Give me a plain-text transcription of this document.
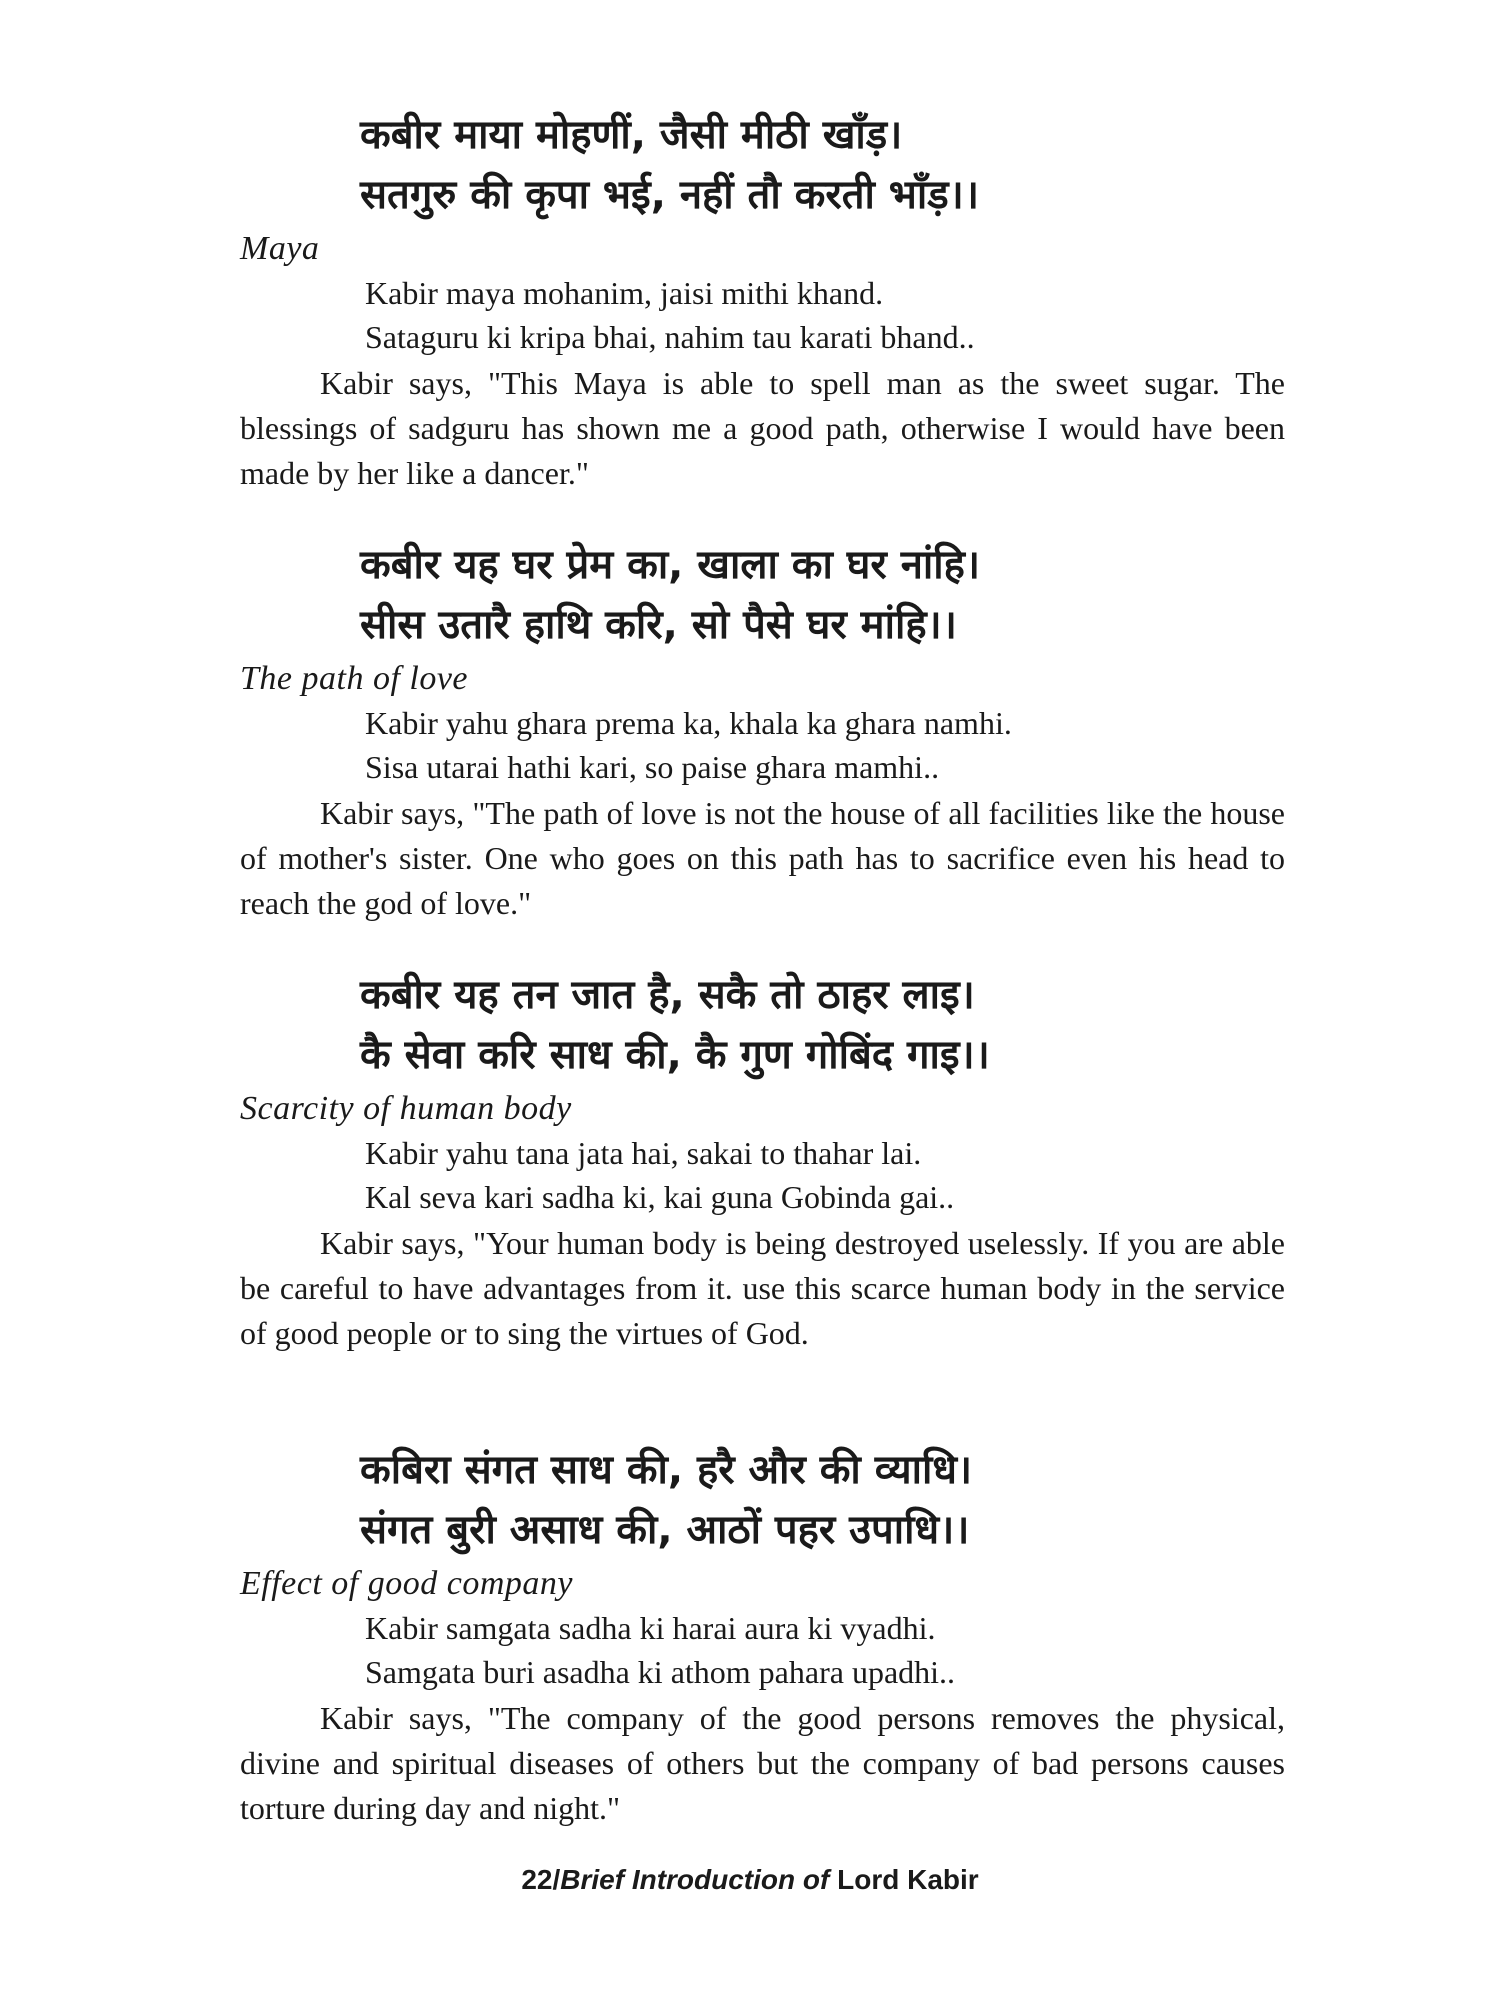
कबीर माया मोहणीं, जैसी मीठी खाँड़।
सतगुरु की कृपा भई, नहीं तौ करती भाँड़।।
Maya
Kabir maya mohanim, jaisi mithi khand.
Sataguru ki kripa bhai, nahim tau karati bhand..

Kabir says, "This Maya is able to spell man as the sweet sugar. The blessings of sadguru has shown me a good path, otherwise I would have been made by her like a dancer."

कबीर यह घर प्रेम का, खाला का घर नांहि।
सीस उतारै हाथि करि, सो पैसे घर मांहि।।
The path of love
Kabir yahu ghara prema ka, khala ka ghara namhi.
Sisa utarai hathi kari, so paise ghara mamhi..

Kabir says, "The path of love is not the house of all facilities like the house of mother's sister. One who goes on this path has to sacrifice even his head to reach the god of love."

कबीर यह तन जात है, सकै तो ठाहर लाइ।
कै सेवा करि साध की, कै गुण गोबिंद गाइ।।
Scarcity of human body
Kabir yahu tana jata hai, sakai to thahar lai.
Kal seva kari sadha ki, kai guna Gobinda gai..

Kabir says, "Your human body is being destroyed uselessly. If you are able be careful to have advantages from it. use this scarce human body in the service of good people or to sing the virtues of God.

कबिरा संगत साध की, हरै और की व्याधि।
संगत बुरी असाध की, आठों पहर उपाधि।।
Effect of good company
Kabir samgata sadha ki harai aura ki vyadhi.
Samgata buri asadha ki athom pahara upadhi..

Kabir says, "The company of the good persons removes the physical, divine and spiritual diseases of others but the company of bad persons causes torture during day and night."

22/Brief Introduction of Lord Kabir
